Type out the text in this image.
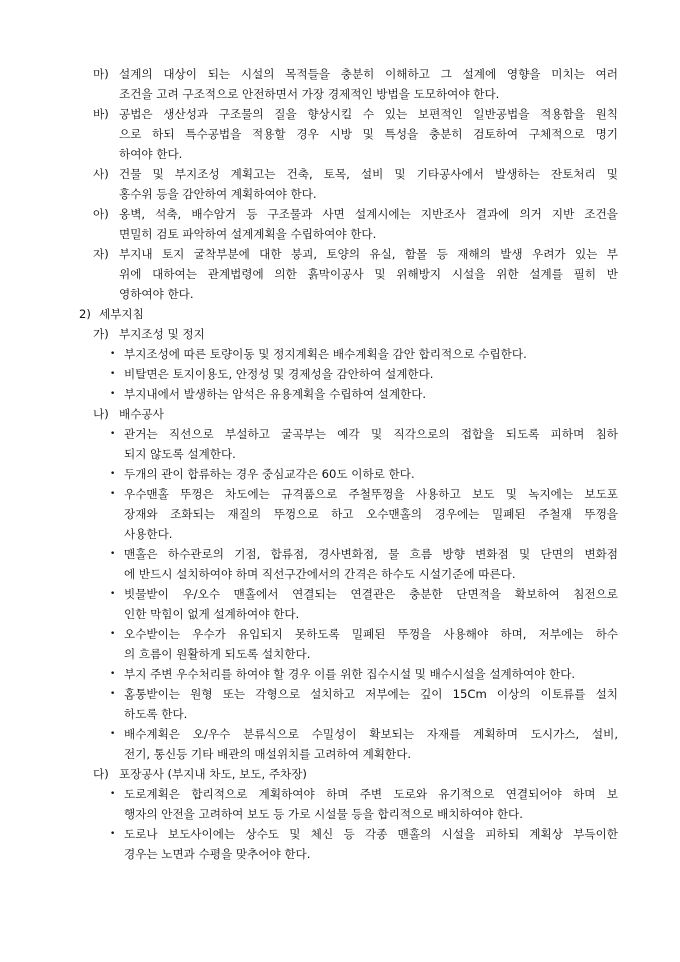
마) 설계의 대상이 되는 시설의 목적들을 충분히 이해하고 그 설계에 영향을 미치는 여러
조건을 고려 구조적으로 안전하면서 가장 경제적인 방법을 도모하여야 한다.
바) 공법은 생산성과 구조물의 질을 향상시킬 수 있는 보편적인 일반공법을 적용함을 원칙
으로 하되 특수공법을 적용할 경우 시방 및 특성을 충분히 검토하여 구체적으로 명기
하여야 한다.
사) 건물 및 부지조성 계획고는 건축, 토목, 설비 및 기타공사에서 발생하는 잔토처리 및
홍수위 등을 감안하여 계획하여야 한다.
아) 옹벽, 석축, 배수암거 등 구조물과 사면 설계시에는 지반조사 결과에 의거 지반 조건을
면밀히 검토 파악하여 설계계획을 수립하여야 한다.
자) 부지내 토지 굴착부분에 대한 붕괴, 토양의 유실, 함몰 등 재해의 발생 우려가 있는 부
위에 대하여는 관계법령에 의한 흙막이공사 및 위해방지 시설을 위한 설계를 필히 반
영하여야 한다.
2) 세부지침
가) 부지조성 및 정지
• 부지조성에 따른 토량이동 및 정지계획은 배수계획을 감안 합리적으로 수립한다.
• 비탈면은 토지이용도, 안정성 및 경제성을 감안하여 설계한다.
• 부지내에서 발생하는 암석은 유용계획을 수립하여 설계한다.
나) 배수공사
• 관거는 직선으로 부설하고 굴곡부는 예각 및 직각으로의 접합을 되도록 피하며 침하
되지 않도록 설계한다.
• 두개의 관이 합류하는 경우 중심교각은 60도 이하로 한다.
• 우수맨홀 뚜껑은 차도에는 규격품으로 주철뚜껑을 사용하고 보도 및 녹지에는 보도포
장재와 조화되는 재질의 뚜껑으로 하고 오수맨홀의 경우에는 밀폐된 주철재 뚜껑을
사용한다.
• 맨홀은 하수관로의 기점, 합류점, 경사변화점, 물 흐름 방향 변화점 및 단면의 변화점
에 반드시 설치하여야 하며 직선구간에서의 간격은 하수도 시설기준에 따른다.
• 빗물받이 우/오수 맨홀에서 연결되는 연결관은 충분한 단면적을 확보하여 침전으로
인한 막힘이 없게 설계하여야 한다.
• 오수받이는 우수가 유입되지 못하도록 밀폐된 뚜껑을 사용해야 하며, 저부에는 하수
의 흐름이 원활하게 되도록 설치한다.
• 부지 주변 우수처리를 하여야 할 경우 이를 위한 집수시설 및 배수시설을 설계하여야 한다.
• 홈통받이는 원형 또는 각형으로 설치하고 저부에는 깊이 15Cm 이상의 이토류를 설치
하도록 한다.
• 배수계획은 오/우수 분류식으로 수밀성이 확보되는 자재를 계획하며 도시가스, 설비,
전기, 통신등 기타 배관의 매설위치를 고려하여 계획한다.
다) 포장공사 (부지내 차도, 보도, 주차장)
• 도로계획은 합리적으로 계획하여야 하며 주변 도로와 유기적으로 연결되어야 하며 보
행자의 안전을 고려하여 보도 등 가로 시설물 등을 합리적으로 배치하여야 한다.
• 도로나 보도사이에는 상수도 및 체신 등 각종 맨홀의 시설을 피하되 계획상 부득이한
경우는 노면과 수평을 맞추어야 한다.
